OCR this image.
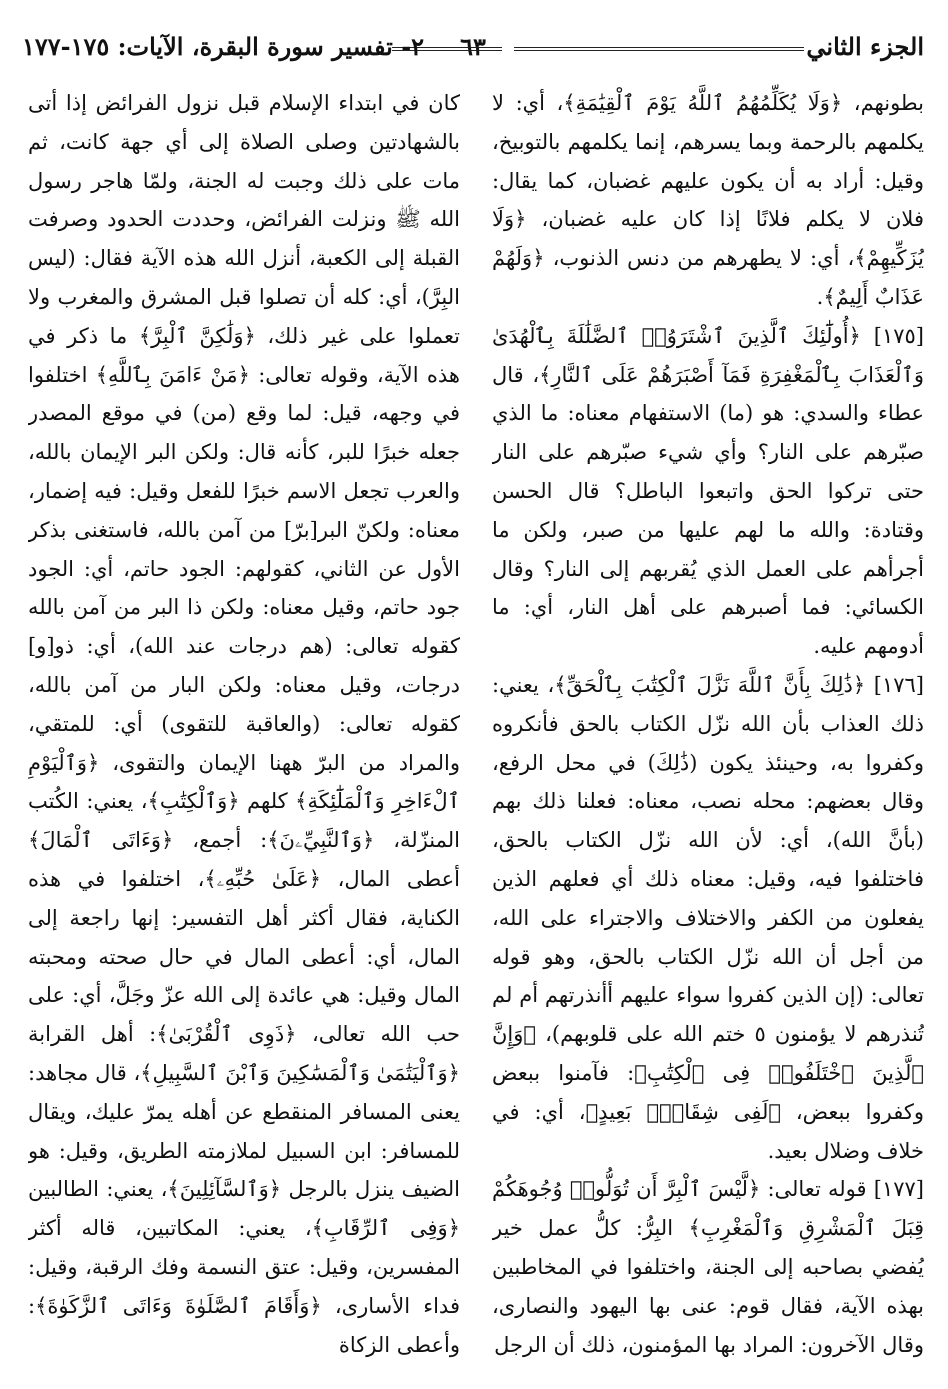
الجزء الثاني
٦٣
٢- تفسير سورة البقرة، الآيات: ١٧٥-١٧٧

بطونهم، ﴿وَلَا يُكَلِّمُهُمُ ٱللَّهُ يَوْمَ ٱلْقِيَٰمَةِ﴾، أي: لا يكلمهم بالرحمة وبما يسرهم، إنما يكلمهم بالتوبيخ، وقيل: أراد به أن يكون عليهم غضبان، كما يقال: فلان لا يكلم فلانًا إذا كان عليه غضبان، ﴿وَلَا يُزَكِّيهِمْ﴾، أي: لا يطهرهم من دنس الذنوب، ﴿وَلَهُمْ عَذَابٌ أَلِيمٌ﴾.

[١٧٥] ﴿أُولَٰٓئِكَ ٱلَّذِينَ ٱشْتَرَوُا۟ ٱلضَّلَٰلَةَ بِٱلْهُدَىٰ وَٱلْعَذَابَ بِٱلْمَغْفِرَةِ فَمَآ أَصْبَرَهُمْ عَلَى ٱلنَّارِ﴾، قال عطاء والسدي: هو (ما) الاستفهام معناه: ما الذي صبّرهم على النار؟ وأي شيء صبّرهم على النار حتى تركوا الحق واتبعوا الباطل؟ قال الحسن وقتادة: والله ما لهم عليها من صبر، ولكن ما أجرأهم على العمل الذي يُقربهم إلى النار؟ وقال الكسائي: فما أصبرهم على أهل النار، أي: ما أدومهم عليه.

[١٧٦] ﴿ذَٰلِكَ بِأَنَّ ٱللَّهَ نَزَّلَ ٱلْكِتَٰبَ بِٱلْحَقِّ﴾، يعني: ذلك العذاب بأن الله نزّل الكتاب بالحق فأنكروه وكفروا به، وحينئذ يكون (ذَٰلِكَ) في محل الرفع، وقال بعضهم: محله نصب، معناه: فعلنا ذلك بهم (بأنَّ الله)، أي: لأن الله نزّل الكتاب بالحق، فاختلفوا فيه، وقيل: معناه ذلك أي فعلهم الذين يفعلون من الكفر والاختلاف والاجتراء على الله، من أجل أن الله نزّل الكتاب بالحق، وهو قوله تعالى: (إن الذين كفروا سواء عليهم أأنذرتهم أم لم تُنذرهم لا يؤمنون ٥ ختم الله على قلوبهم)، ﴿وَإِنَّ ٱلَّذِينَ ٱخْتَلَفُوا۟ فِى ٱلْكِتَٰبِ﴾: فآمنوا ببعض وكفروا ببعض، ﴿لَفِى شِقَاقٍۭ بَعِيدٍ﴾، أي: في خلاف وضلال بعيد.

[١٧٧] قوله تعالى: ﴿لَّيْسَ ٱلْبِرَّ أَن تُوَلُّوا۟ وُجُوهَكُمْ قِبَلَ ٱلْمَشْرِقِ وَٱلْمَغْرِبِ﴾ البِرُّ: كلُّ عمل خير يُفضي بصاحبه إلى الجنة، واختلفوا في المخاطبين بهذه الآية، فقال قوم: عنى بها اليهود والنصارى، وقال الآخرون: المراد بها المؤمنون، ذلك أن الرجل

كان في ابتداء الإسلام قبل نزول الفرائض إذا أتى بالشهادتين وصلى الصلاة إلى أي جهة كانت، ثم مات على ذلك وجبت له الجنة، ولمّا هاجر رسول الله ﷺ ونزلت الفرائض، وحددت الحدود وصرفت القبلة إلى الكعبة، أنزل الله هذه الآية فقال: (ليس البِرَّ)، أي: كله أن تصلوا قبل المشرق والمغرب ولا تعملوا على غير ذلك، ﴿وَلَٰكِنَّ ٱلْبِرَّ﴾ ما ذكر في هذه الآية، وقوله تعالى: ﴿مَنْ ءَامَنَ بِٱللَّهِ﴾ اختلفوا في وجهه، قيل: لما وقع (من) في موقع المصدر جعله خبرًا للبر، كأنه قال: ولكن البر الإيمان بالله، والعرب تجعل الاسم خبرًا للفعل وقيل: فيه إضمار، معناه: ولكنّ البر[برّ] من آمن بالله، فاستغنى بذكر الأول عن الثاني، كقولهم: الجود حاتم، أي: الجود جود حاتم، وقيل معناه: ولكن ذا البر من آمن بالله كقوله تعالى: (هم درجات عند الله)، أي: ذو[و] درجات، وقيل معناه: ولكن البار من آمن بالله، كقوله تعالى: (والعاقبة للتقوى) أي: للمتقي، والمراد من البرّ ههنا الإيمان والتقوى، ﴿وَٱلْيَوْمِ ٱلْءَاخِرِ وَٱلْمَلَٰٓئِكَةِ﴾ كلهم ﴿وَٱلْكِتَٰبِ﴾، يعني: الكُتب المنزّلة، ﴿وَٱلنَّبِيِّۦنَ﴾: أجمع، ﴿وَءَاتَى ٱلْمَالَ﴾ أعطى المال، ﴿عَلَىٰ حُبِّهِۦ﴾، اختلفوا في هذه الكناية، فقال أكثر أهل التفسير: إنها راجعة إلى المال، أي: أعطى المال في حال صحته ومحبته المال وقيل: هي عائدة إلى الله عزّ وجَلَّ، أي: على حب الله تعالى، ﴿ذَوِى ٱلْقُرْبَىٰ﴾: أهل القرابة ﴿وَٱلْيَتَٰمَىٰ وَٱلْمَسَٰكِينَ وَٱبْنَ ٱلسَّبِيلِ﴾، قال مجاهد: يعنى المسافر المنقطع عن أهله يمرّ عليك، ويقال للمسافر: ابن السبيل لملازمته الطريق، وقيل: هو الضيف ينزل بالرجل ﴿وَٱلسَّآئِلِينَ﴾، يعني: الطالبين ﴿وَفِى ٱلرِّقَابِ﴾، يعني: المكاتبين، قاله أكثر المفسرين، وقيل: عتق النسمة وفك الرقبة، وقيل: فداء الأسارى، ﴿وَأَقَامَ ٱلصَّلَوٰةَ وَءَاتَى ٱلزَّكَوٰةَ﴾: وأعطى الزكاة
